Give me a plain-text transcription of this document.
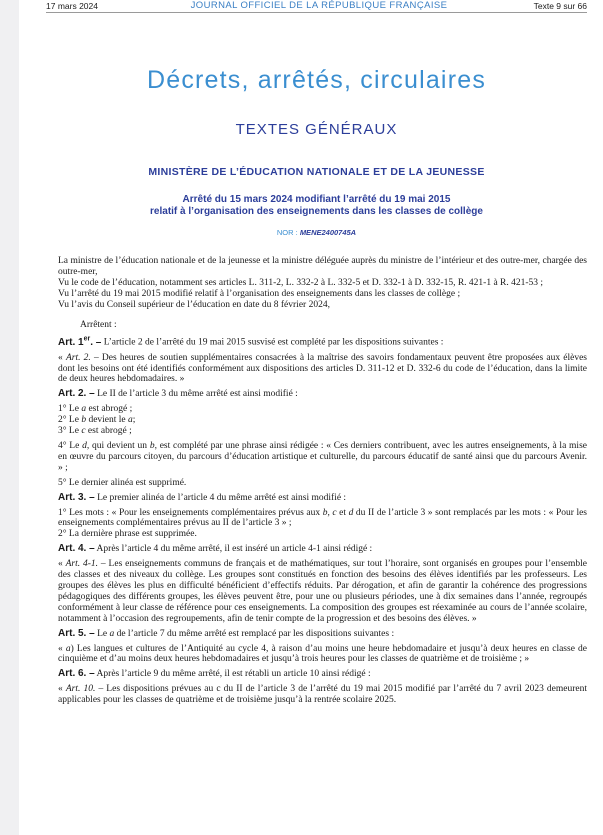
17 mars 2024	JOURNAL OFFICIEL DE LA RÉPUBLIQUE FRANÇAISE	Texte 9 sur 66
Décrets, arrêtés, circulaires
TEXTES GÉNÉRAUX
MINISTÈRE DE L’ÉDUCATION NATIONALE ET DE LA JEUNESSE
Arrêté du 15 mars 2024 modifiant l’arrêté du 19 mai 2015
relatif à l’organisation des enseignements dans les classes de collège
NOR : MENE2400745A

La ministre de l’éducation nationale et de la jeunesse et la ministre déléguée auprès du ministre de l’intérieur et des outre-mer, chargée des outre-mer,

Vu le code de l’éducation, notamment ses articles L. 311-2, L. 332-2 à L. 332-5 et D. 332-1 à D. 332-15, R. 421-1 à R. 421-53 ;

Vu l’arrêté du 19 mai 2015 modifié relatif à l’organisation des enseignements dans les classes de collège ;

Vu l’avis du Conseil supérieur de l’éducation en date du 8 février 2024,

Arrêtent :

Art. 1er. – L’article 2 de l’arrêté du 19 mai 2015 susvisé est complété par les dispositions suivantes :

« Art. 2. – Des heures de soutien supplémentaires consacrées à la maîtrise des savoirs fondamentaux peuvent être proposées aux élèves dont les besoins ont été identifiés conformément aux dispositions des articles D. 311-12 et D. 332-6 du code de l’éducation, dans la limite de deux heures hebdomadaires. »

Art. 2. – Le II de l’article 3 du même arrêté est ainsi modifié :

1° Le a est abrogé ;

2° Le b devient le a;

3° Le c est abrogé ;

4° Le d, qui devient un b, est complété par une phrase ainsi rédigée : « Ces derniers contribuent, avec les autres enseignements, à la mise en œuvre du parcours citoyen, du parcours d’éducation artistique et culturelle, du parcours éducatif de santé ainsi que du parcours Avenir. » ;

5° Le dernier alinéa est supprimé.

Art. 3. – Le premier alinéa de l’article 4 du même arrêté est ainsi modifié :

1° Les mots : « Pour les enseignements complémentaires prévus aux b, c et d du II de l’article 3 » sont remplacés par les mots : « Pour les enseignements complémentaires prévus au II de l’article 3 » ;

2° La dernière phrase est supprimée.

Art. 4. – Après l’article 4 du même arrêté, il est inséré un article 4-1 ainsi rédigé :

« Art. 4-1. – Les enseignements communs de français et de mathématiques, sur tout l’horaire, sont organisés en groupes pour l’ensemble des classes et des niveaux du collège. Les groupes sont constitués en fonction des besoins des élèves identifiés par les professeurs. Les groupes des élèves les plus en difficulté bénéficient d’effectifs réduits. Par dérogation, et afin de garantir la cohérence des progressions pédagogiques des différents groupes, les élèves peuvent être, pour une ou plusieurs périodes, une à dix semaines dans l’année, regroupés conformément à leur classe de référence pour ces enseignements. La composition des groupes est réexaminée au cours de l’année scolaire, notamment à l’occasion des regroupements, afin de tenir compte de la progression et des besoins des élèves. »

Art. 5. – Le a de l’article 7 du même arrêté est remplacé par les dispositions suivantes :

« a) Les langues et cultures de l’Antiquité au cycle 4, à raison d’au moins une heure hebdomadaire et jusqu’à deux heures en classe de cinquième et d’au moins deux heures hebdomadaires et jusqu’à trois heures pour les classes de quatrième et de troisième ; »

Art. 6. – Après l’article 9 du même arrêté, il est rétabli un article 10 ainsi rédigé :

« Art. 10. – Les dispositions prévues au c du II de l’article 3 de l’arrêté du 19 mai 2015 modifié par l’arrêté du 7 avril 2023 demeurent applicables pour les classes de quatrième et de troisième jusqu’à la rentrée scolaire 2025.
